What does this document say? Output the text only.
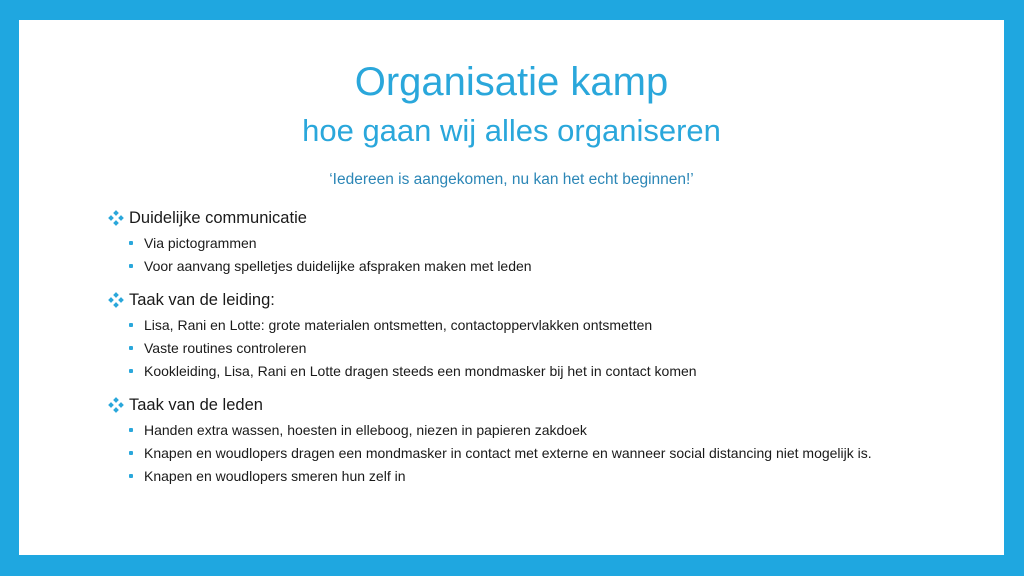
Organisatie kamp
hoe gaan wij alles organiseren
‘Iedereen is aangekomen, nu kan het echt beginnen!’
Duidelijke communicatie
Via pictogrammen
Voor aanvang spelletjes duidelijke afspraken maken met leden
Taak van de leiding:
Lisa, Rani en Lotte: grote materialen ontsmetten, contactoppervlakken ontsmetten
Vaste routines controleren
Kookleiding, Lisa, Rani en Lotte dragen steeds een mondmasker bij het in contact komen
Taak van de leden
Handen extra wassen, hoesten in elleboog, niezen in papieren zakdoek
Knapen en woudlopers dragen een mondmasker in contact met externe en wanneer social distancing niet mogelijk is.
Knapen en woudlopers smeren hun zelf in
